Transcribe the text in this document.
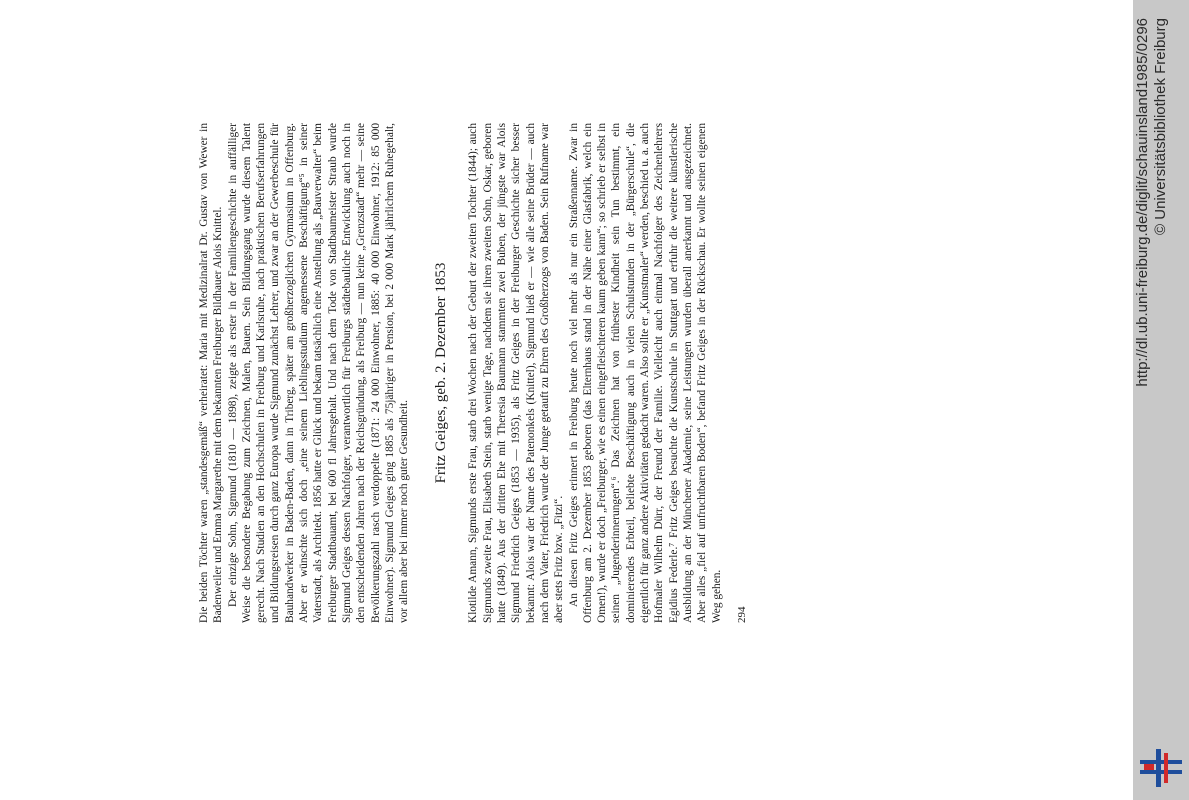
Die beiden Töchter waren „standesgemäß“ verheiratet: Maria mit Medizinalrat Dr. Gustav von Wewer in Badenweiler und Emma Margarethe mit dem bekannten Freiburger Bildhauer Alois Knittel. Der einzige Sohn, Sigmund (1810 — 1898), zeigte als erster in der Familiengeschichte in auffälliger Weise die besondere Begabung zum Zeichnen, Malen, Bauen. Sein Bildungsgang wurde diesem Talent gerecht. Nach Studien an den Hochschulen in Freiburg und Karlsruhe, nach praktischen Berufserfahrungen und Bildungsreisen durch ganz Europa wurde Sigmund zunächst Lehrer, und zwar an der Gewerbeschule für Bauhandwerker in Baden-Baden, dann in Triberg, später am großherzoglichen Gymnasium in Offenburg. Aber er wünschte sich doch „eine seinem Lieblingsstudium angemessene Beschäftigung“⁵ in seiner Vaterstadt, als Architekt. 1856 hatte er Glück und bekam tatsächlich eine Anstellung als „Bauverwalter“ beim Freiburger Stadtbauamt, bei 600 fl Jahresgehalt. Und nach dem Tode von Stadtbaumeister Straub wurde Sigmund Geiges dessen Nachfolger, verantwortlich für Freiburgs städtebauliche Entwicklung auch noch in den entscheidenden Jahren nach der Reichsgründung, als Freiburg — nun keine „Grenzstadt“ mehr — seine Bevölkerungszahl rasch verdoppelte (1871: 24 000 Einwohner, 1885: 40 000 Einwohner, 1912: 85 000 Einwohner). Sigmund Geiges ging 1885 als 75jähriger in Pension, bei 2 000 Mark jährlichem Ruhegehalt, vor allem aber bei immer noch guter Gesundheit.

Fritz Geiges, geb. 2. Dezember 1853 Klotilde Amann, Sigmunds erste Frau, starb drei Wochen nach der Geburt der zweiten Tochter (1844); auch Sigmunds zweite Frau, Elisabeth Stein, starb wenige Tage, nachdem sie ihren zweiten Sohn, Oskar, geboren hatte (1849). Aus der dritten Ehe mit Theresia Baumann stammten zwei Buben, der jüngste war Alois Sigmund Friedrich Geiges (1853 — 1935), als Fritz Geiges in der Freiburger Geschichte sicher besser bekannt: Alois war der Name des Patenonkels (Knittel), Sigmund hieß er — wie alle seine Brüder — auch nach dem Vater, Friedrich wurde der Junge getauft zu Ehren des Großherzogs von Baden. Sein Rufname war aber stets Fritz bzw. „Fitzi“. An diesen Fritz Geiges erinnert in Freiburg heute noch viel mehr als nur ein Straßenname. Zwar in Offenburg am 2. Dezember 1853 geboren (das Elternhaus stand in der Nähe einer Glasfabrik, welch ein Omen!), wurde er doch „Freiburger, wie es einen eingefleischteren kaum geben kann“; so schrieb er selbst in seinen „Jugenderinnerungen“.⁶ Das Zeichnen hat von frühester Kindheit sein Tun bestimmt, ein dominierendes Erbteil, beliebte Beschäftigung auch in vielen Schulstunden in der „Bürgerschule“, die eigentlich für ganz andere Aktivitäten gedacht waren. Also sollte er „Kunstmaler“ werden, beschied u. a. auch Hofmaler Wilhelm Dürr, der Freund der Familie. Vielleicht auch einmal Nachfolger des Zeichenlehrers Egidius Federle.⁷ Fritz Geiges besuchte die Kunstschule in Stuttgart und erfuhr die weitere künstlerische Ausbildung an der Münchener Akademie, seine Leistungen wurden überall anerkannt und ausgezeichnet. Aber alles „fiel auf unfruchtbaren Boden“, befand Fritz Geiges in der Rückschau. Er wollte seinen eigenen Weg gehen. 294
http://dl.ub.uni-freiburg.de/diglit/schauinsland1985/0296 © Universitätsbibliothek Freiburg
